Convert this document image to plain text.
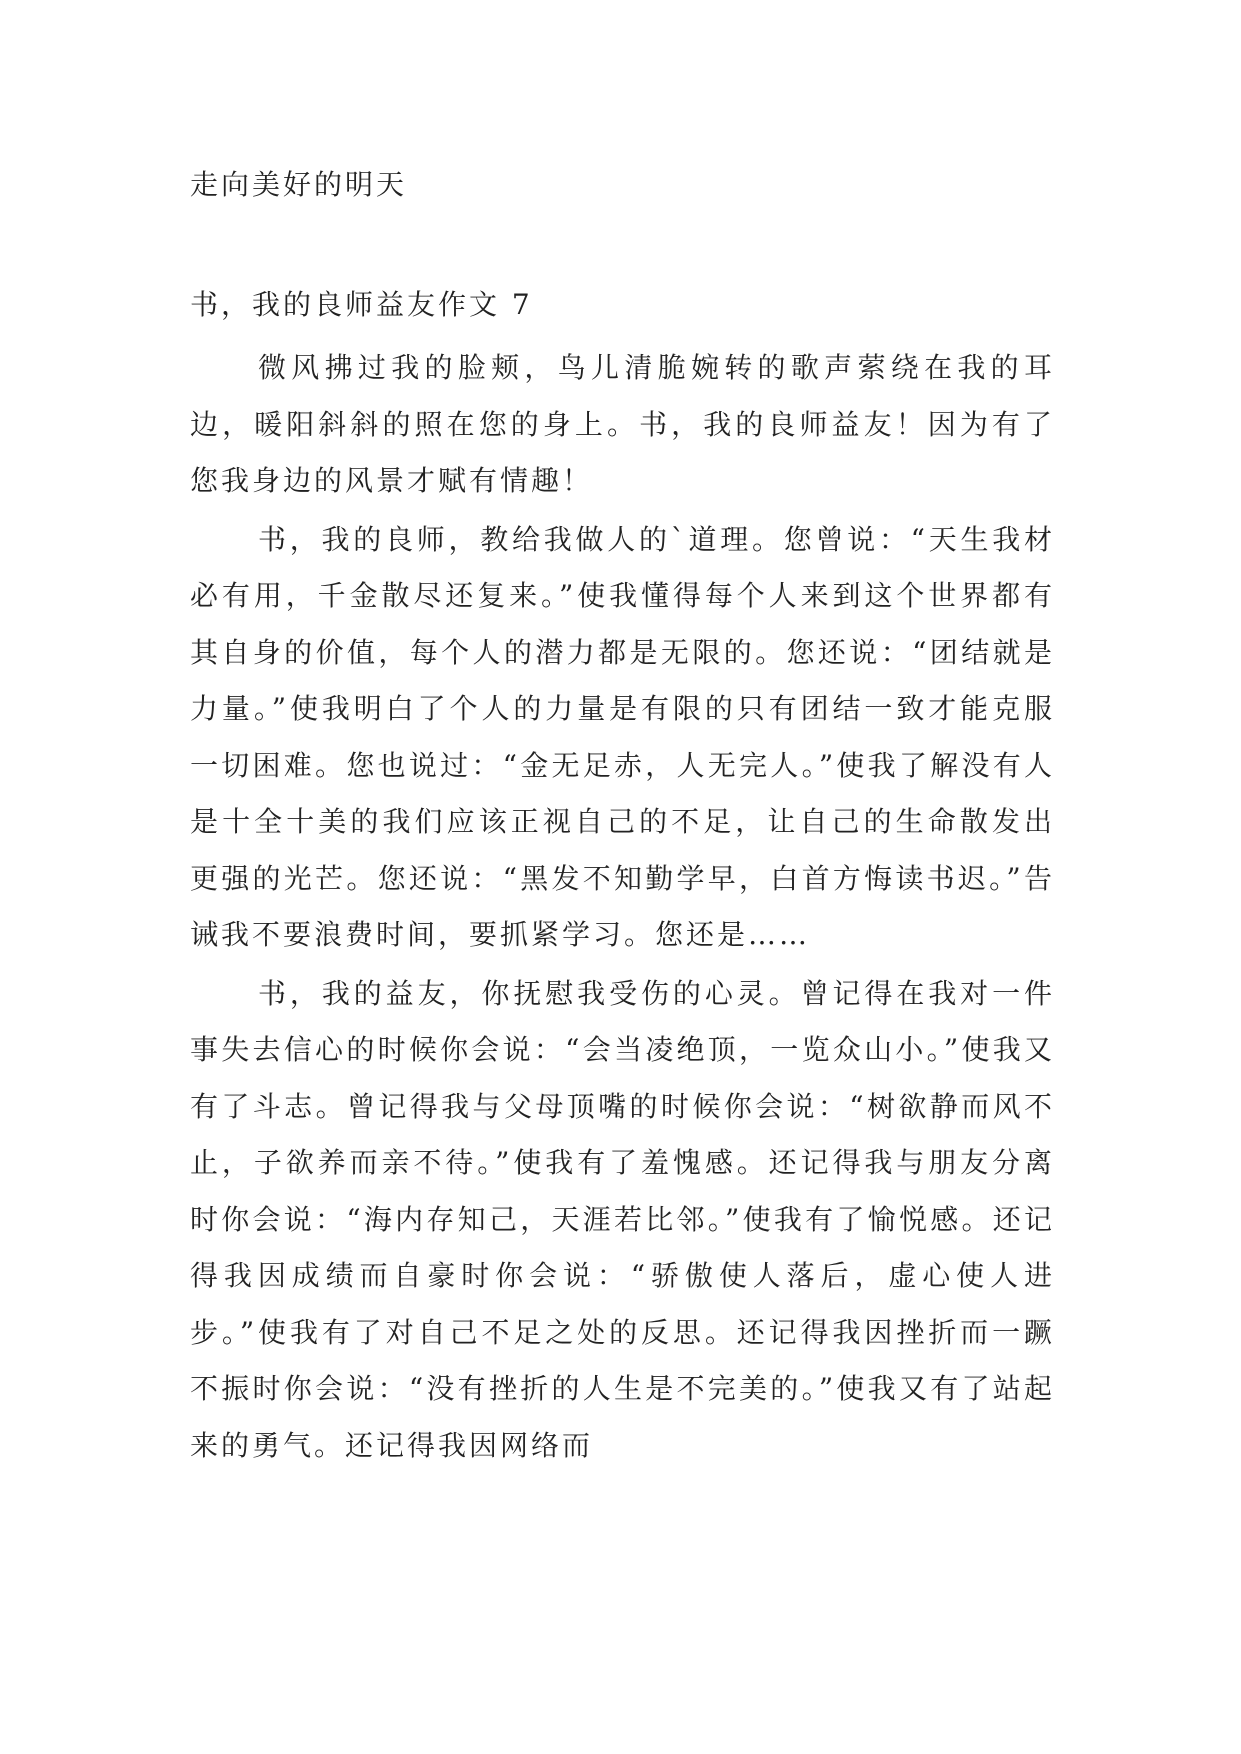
走向美好的明天
书，我的良师益友作文 7

微风拂过我的脸颊，鸟儿清脆婉转的歌声萦绕在我的耳边，暖阳斜斜的照在您的身上。书，我的良师益友！因为有了您我身边的风景才赋有情趣！

书，我的良师，教给我做人的`道理。您曾说：“天生我材必有用，千金散尽还复来。”使我懂得每个人来到这个世界都有其自身的价值，每个人的潜力都是无限的。您还说：“团结就是力量。”使我明白了个人的力量是有限的只有团结一致才能克服一切困难。您也说过：“金无足赤，人无完人。”使我了解没有人是十全十美的我们应该正视自己的不足，让自己的生命散发出更强的光芒。您还说：“黑发不知勤学早，白首方悔读书迟。”告诫我不要浪费时间，要抓紧学习。您还是……

书，我的益友，你抚慰我受伤的心灵。曾记得在我对一件事失去信心的时候你会说：“会当凌绝顶，一览众山小。”使我又有了斗志。曾记得我与父母顶嘴的时候你会说：“树欲静而风不止，子欲养而亲不待。”使我有了羞愧感。还记得我与朋友分离时你会说：“海内存知己，天涯若比邻。”使我有了愉悦感。还记得我因成绩而自豪时你会说：“骄傲使人落后，虚心使人进步。”使我有了对自己不足之处的反思。还记得我因挫折而一蹶不振时你会说：“没有挫折的人生是不完美的。”使我又有了站起来的勇气。还记得我因网络而
